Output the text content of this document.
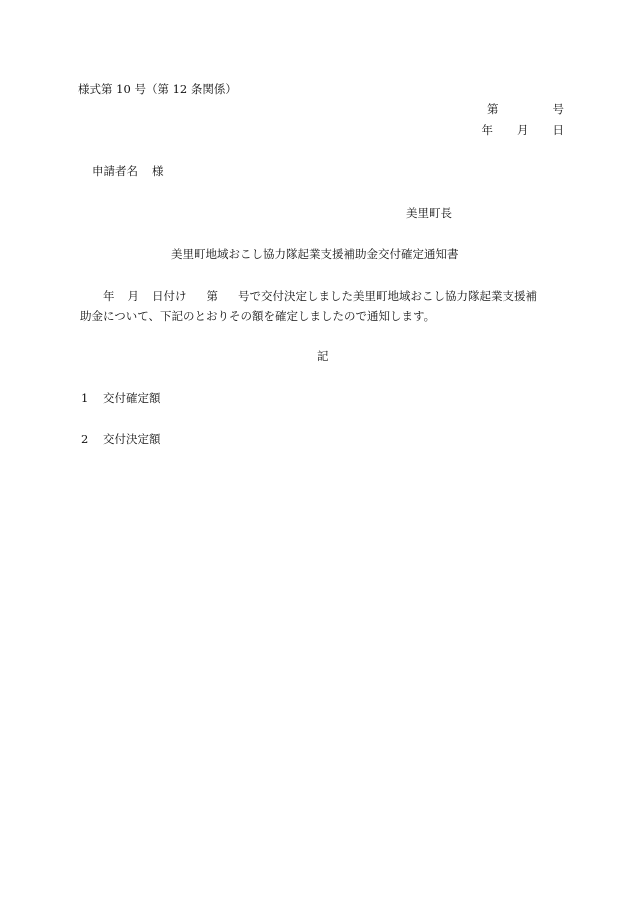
様式第 10 号（第 12 条関係）
第	号
年 月 日
申請者名 様
美里町長
美里町地域おこし協力隊起業支援補助金交付確定通知書
年 月 日付け 第 号で交付決定しました美里町地域おこし協力隊起業支援補
助金について、下記のとおりその額を確定しましたので通知します。
記
1 交付確定額
2 交付決定額
